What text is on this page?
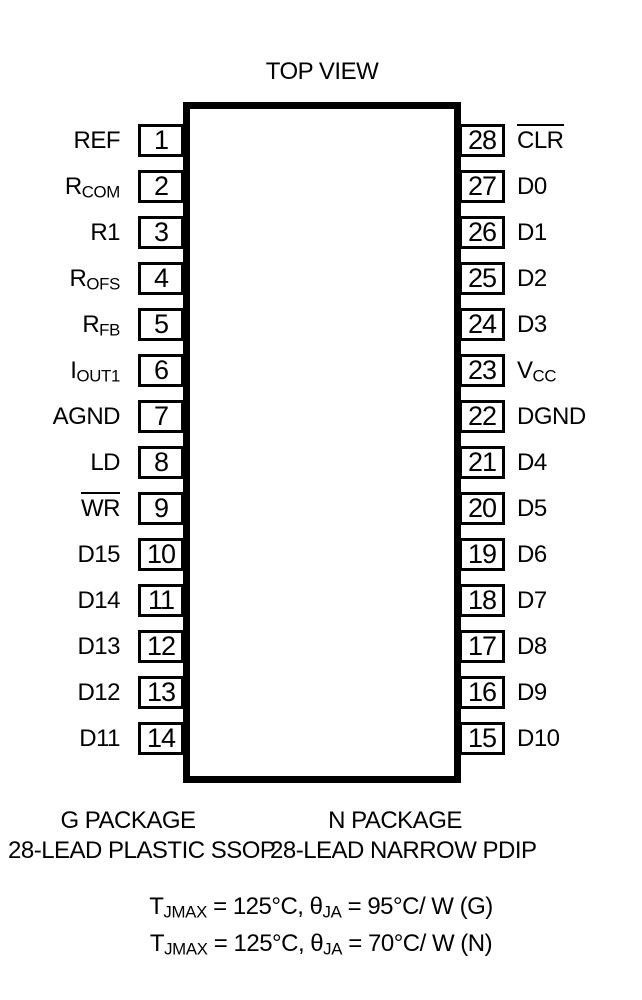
TOP VIEW
1
REF
2
$R_{COM}$
3
R1
4
$R_{OFS}$
5
$R_{FB}$
6
$I_{OUT1}$
7
AGND
8
LD
9
WR
10
D15
11
D14
12
D13
13
D12
14
D11
28 CLR
27 D0
26 D1
25 D2
24 D3
23 $V_{CC}$
22 DGND
21 D4
20 D5
19 D6
18 D7
17 D8
16 D9
15 D10
G PACKAGE
28-LEAD PLASTIC SSOP
N PACKAGE
28-LEAD NARROW PDIP
$T_{JMAX} = 125^\circ C$, $\theta_{JA} = 95^\circ C/$ W (G)
$T_{JMAX} = 125^\circ C$, $\theta_{JA} = 70^\circ C/$ W (N)
